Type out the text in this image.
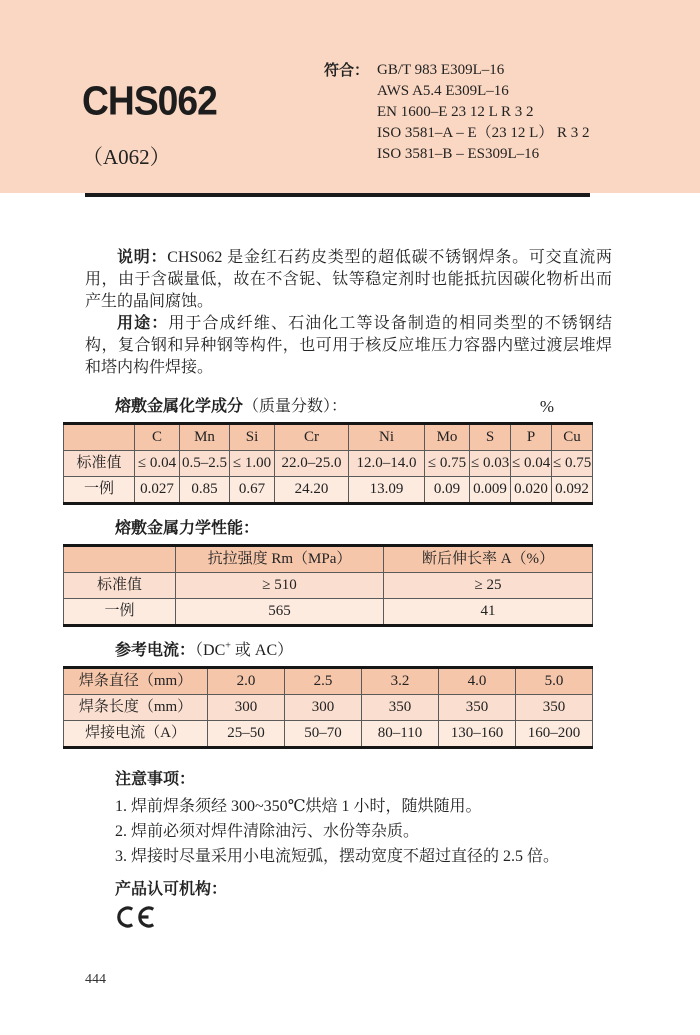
CHS062
（A062）
符合： GB/T 983 E309L–16
AWS A5.4 E309L–16
EN 1600–E 23 12 L R 3 2
ISO 3581–A – E（23 12 L） R 3 2
ISO 3581–B – ES309L–16

说明：CHS062 是金红石药皮类型的超低碳不锈钢焊条。可交直流两用，由于含碳量低，故在不含铌、钛等稳定剂时也能抵抗因碳化物析出而产生的晶间腐蚀。

用途：用于合成纤维、石油化工等设备制造的相同类型的不锈钢结构，复合钢和异种钢等构件，也可用于核反应堆压力容器内壁过渡层堆焊和塔内构件焊接。

熔敷金属化学成分（质量分数）：	%
	C	Mn	Si	Cr	Ni	Mo	S	P	Cu
标准值	≤ 0.04	0.5–2.5	≤ 1.00	22.0–25.0	12.0–14.0	≤ 0.75	≤ 0.03	≤ 0.04	≤ 0.75
一例	0.027	0.85	0.67	24.20	13.09	0.09	0.009	0.020	0.092
熔敷金属力学性能：
	抗拉强度 Rm（MPa）	断后伸长率 A（%）
标准值	≥ 510	≥ 25
一例	565	41
参考电流：（DC+ 或 AC）
焊条直径（mm）	2.0	2.5	3.2	4.0	5.0
焊条长度（mm）	300	300	350	350	350
焊接电流（A）	25–50	50–70	80–110	130–160	160–200
注意事项：
1. 焊前焊条须经 300~350℃烘焙 1 小时，随烘随用。
2. 焊前必须对焊件清除油污、水份等杂质。
3. 焊接时尽量采用小电流短弧，摆动宽度不超过直径的 2.5 倍。
产品认可机构：
444
